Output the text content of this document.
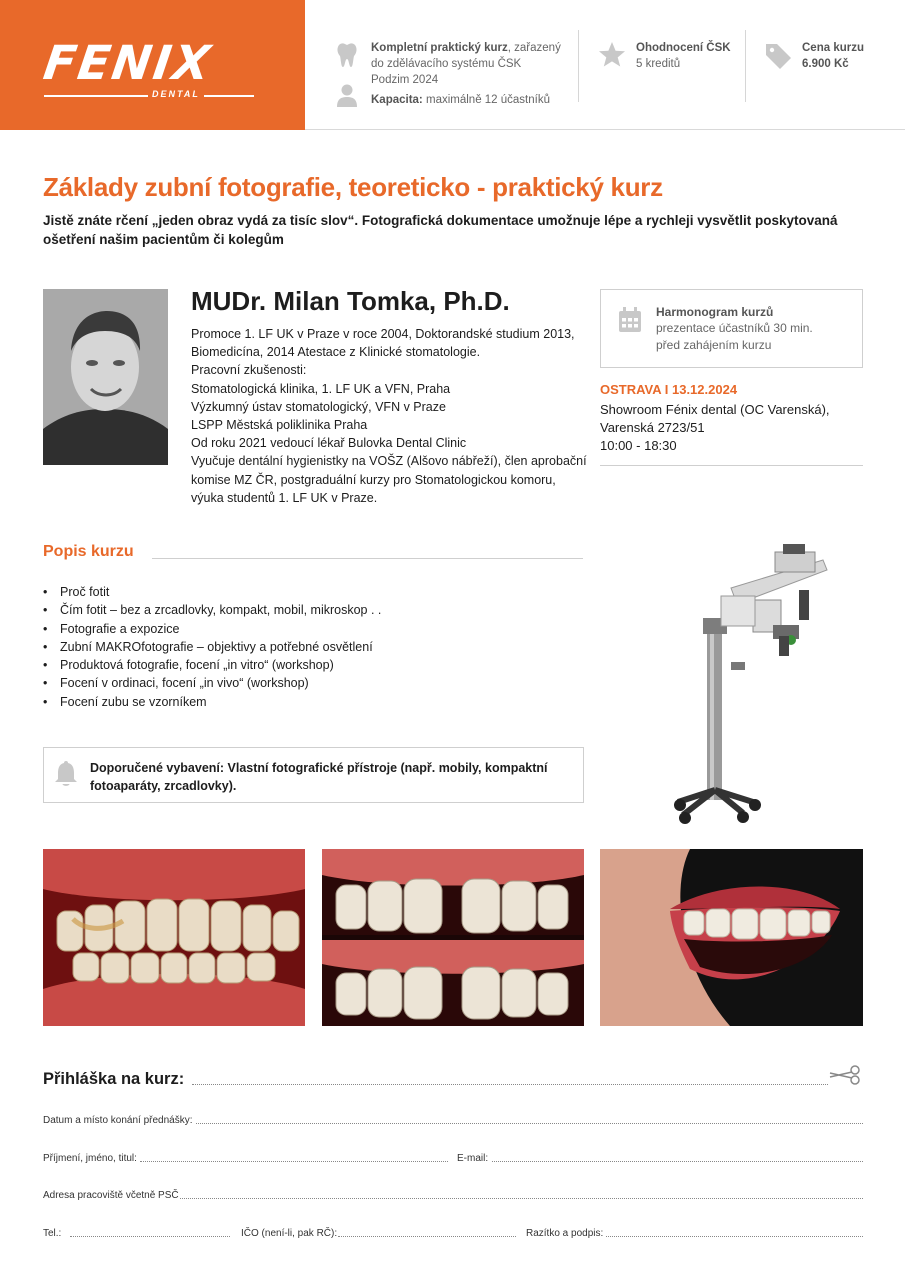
FENIX
DENTAL
Kompletní praktický kurz, zařazený
do zdělávacího systému ČSK
Podzim 2024
Kapacita: maximálně 12 účastníků
Ohodnocení ČSK
5 kreditů
Cena kurzu
6.900 Kč
Základy zubní fotografie, teoreticko - praktický kurz
Jistě znáte rčení „jeden obraz vydá za tisíc slov“. Fotografická dokumentace umožnuje lépe a rychleji vysvětlit poskytovaná ošetření našim pacientům či kolegům
MUDr. Milan Tomka, Ph.D.
Promoce 1. LF UK v Praze v roce 2004, Doktorandské studium 2013,
Biomedicína, 2014 Atestace z Klinické stomatologie.
Pracovní zkušenosti:
Stomatologická klinika, 1. LF UK a VFN, Praha
Výzkumný ústav stomatologický, VFN v Praze
LSPP Městská poliklinika Praha
Od roku 2021 vedoucí lékař Bulovka Dental Clinic
Vyučuje dentální hygienistky na VOŠZ (Alšovo nábřeží), člen aprobační
komise MZ ČR, postgraduální kurzy pro Stomatologickou komoru,
výuka studentů 1. LF UK v Praze.
Harmonogram kurzů
prezentace účastníků 30 min.
před zahájením kurzu
OSTRAVA I 13.12.2024
Showroom Fénix dental (OC Varenská),
Varenská 2723/51
10:00 - 18:30
Popis kurzu
• Proč fotit
• Čím fotit – bez a zrcadlovky, kompakt, mobil, mikroskop . .
• Fotografie a expozice
• Zubní MAKROfotografie – objektivy a potřebné osvětlení
• Produktová fotografie, focení „in vitro“ (workshop)
• Focení v ordinaci, focení „in vivo“ (workshop)
• Focení zubu se vzorníkem
Doporučené vybavení: Vlastní fotografické přístroje (např. mobily, kompaktní fotoaparáty, zrcadlovky).
Přihláška na kurz:
Datum a místo konání přednášky:
Příjmení, jméno, titul:	E-mail:
Adresa pracoviště včetně PSČ
Tel.:	IČO (není-li, pak RČ):	Razítko a podpis:
